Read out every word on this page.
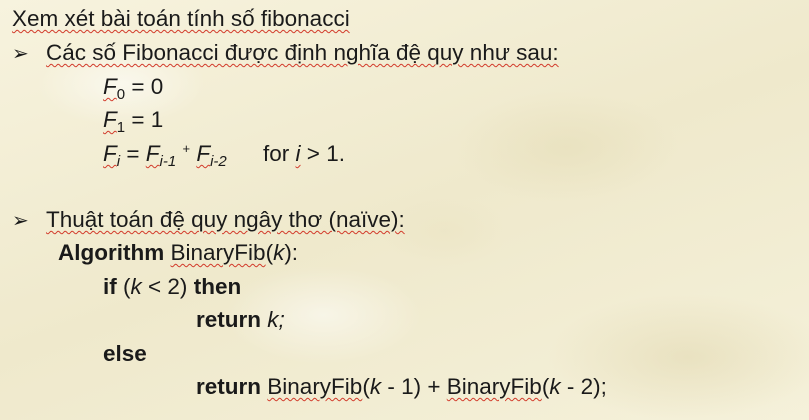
Xem xét bài toán tính số fibonacci
➢ Các số Fibonacci được định nghĩa đệ quy như sau:
$F_0 = 0$
$F_1 = 1$
$F_i = F_{i-1}$ + $F_{i-2}$ for i > 1.
➢ Thuật toán đệ quy ngây thơ (naïve):
Algorithm BinaryFib(k):
if (k < 2) then
return k;
else
return BinaryFib(k - 1) + BinaryFib(k - 2);
